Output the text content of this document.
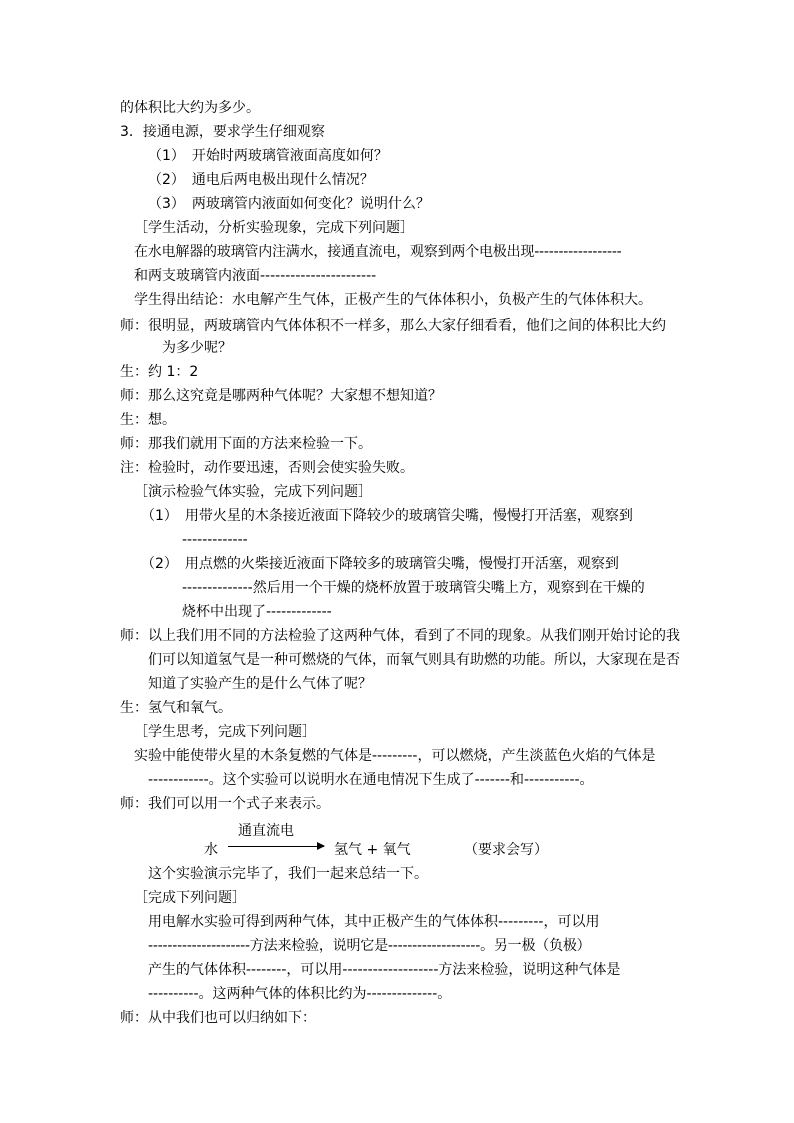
的体积比大约为多少。
3．接通电源，要求学生仔细观察
（1）　开始时两玻璃管液面高度如何？
（2）　通电后两电极出现什么情况？
（3）　两玻璃管内液面如何变化？说明什么？
［学生活动，分析实验现象，完成下列问题］
在水电解器的玻璃管内注满水，接通直流电，观察到两个电极出现------------------
和两支玻璃管内液面-----------------------
学生得出结论：水电解产生气体，正极产生的气体体积小，负极产生的气体体积大。
师：很明显，两玻璃管内气体体积不一样多，那么大家仔细看看，他们之间的体积比大约
为多少呢？
生：约 1：2
师：那么这究竟是哪两种气体呢？大家想不想知道？
生：想。
师：那我们就用下面的方法来检验一下。
注：检验时，动作要迅速，否则会使实验失败。
［演示检验气体实验，完成下列问题］
（1）　用带火星的木条接近液面下降较少的玻璃管尖嘴，慢慢打开活塞，观察到
-------------
（2）　用点燃的火柴接近液面下降较多的玻璃管尖嘴，慢慢打开活塞，观察到
--------------然后用一个干燥的烧杯放置于玻璃管尖嘴上方，观察到在干燥的
烧杯中出现了-------------
师：以上我们用不同的方法检验了这两种气体，看到了不同的现象。从我们刚开始讨论的我
们可以知道氢气是一种可燃烧的气体，而氧气则具有助燃的功能。所以，大家现在是否
知道了实验产生的是什么气体了呢？
生：氢气和氧气。
［学生思考，完成下列问题］
实验中能使带火星的木条复燃的气体是---------，可以燃烧，产生淡蓝色火焰的气体是
------------。这个实验可以说明水在通电情况下生成了-------和-----------。
师：我们可以用一个式子来表示。
通直流电
水	氢气 + 氧气	（要求会写）
这个实验演示完毕了，我们一起来总结一下。
［完成下列问题］
用电解水实验可得到两种气体，其中正极产生的气体体积---------，可以用
---------------------方法来检验，说明它是-------------------。另一极（负极）
产生的气体体积--------，可以用-------------------方法来检验，说明这种气体是
----------。这两种气体的体积比约为--------------。
师：从中我们也可以归纳如下：
